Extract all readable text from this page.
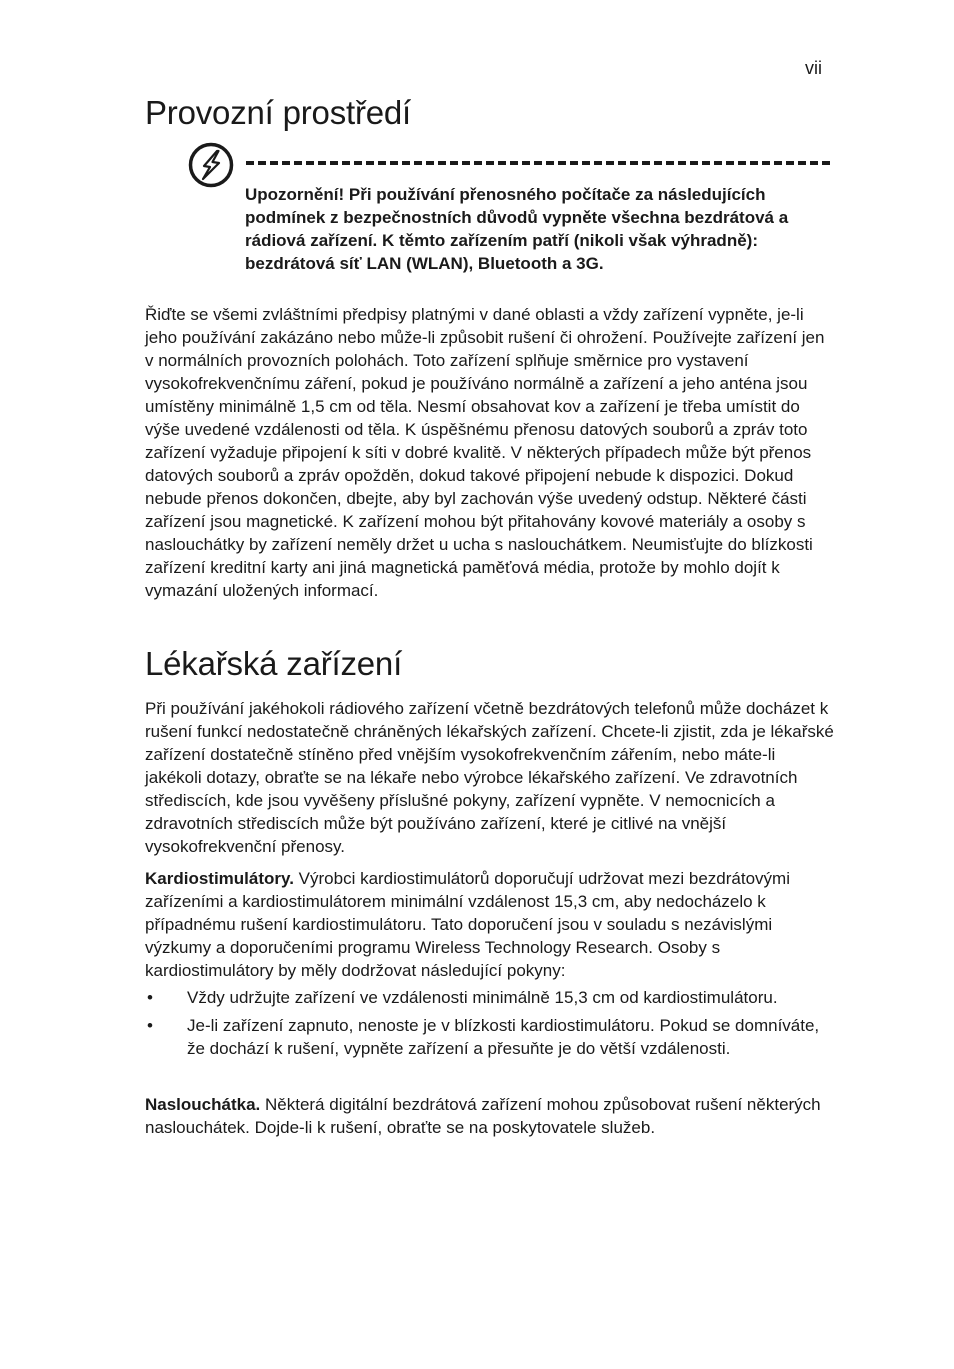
vii
Provozní prostředí

Upozornění! Při používání přenosného počítače za následujících podmínek z bezpečnostních důvodů vypněte všechna bezdrátová a rádiová zařízení. K těmto zařízením patří (nikoli však výhradně): bezdrátová síť LAN (WLAN), Bluetooth a 3G.

Řiďte se všemi zvláštními předpisy platnými v dané oblasti a vždy zařízení vypněte, je-li jeho používání zakázáno nebo může-li způsobit rušení či ohrožení. Používejte zařízení jen v normálních provozních polohách. Toto zařízení splňuje směrnice pro vystavení vysokofrekvenčnímu záření, pokud je používáno normálně a zařízení a jeho anténa jsou umístěny minimálně 1,5 cm od těla. Nesmí obsahovat kov a zařízení je třeba umístit do výše uvedené vzdálenosti od těla. K úspěšnému přenosu datových souborů a zpráv toto zařízení vyžaduje připojení k síti v dobré kvalitě. V některých případech může být přenos datových souborů a zpráv opožděn, dokud takové připojení nebude k dispozici. Dokud nebude přenos dokončen, dbejte, aby byl zachován výše uvedený odstup. Některé části zařízení jsou magnetické. K zařízení mohou být přitahovány kovové materiály a osoby s naslouchátky by zařízení neměly držet u ucha s naslouchátkem. Neumisťujte do blízkosti zařízení kreditní karty ani jiná magnetická paměťová média, protože by mohlo dojít k vymazání uložených informací.

Lékařská zařízení

Při používání jakéhokoli rádiového zařízení včetně bezdrátových telefonů může docházet k rušení funkcí nedostatečně chráněných lékařských zařízení. Chcete-li zjistit, zda je lékařské zařízení dostatečně stíněno před vnějším vysokofrekvenčním zářením, nebo máte-li jakékoli dotazy, obraťte se na lékaře nebo výrobce lékařského zařízení. Ve zdravotních střediscích, kde jsou vyvěšeny příslušné pokyny, zařízení vypněte. V nemocnicích a zdravotních střediscích může být používáno zařízení, které je citlivé na vnější vysokofrekvenční přenosy.

Kardiostimulátory. Výrobci kardiostimulátorů doporučují udržovat mezi bezdrátovými zařízeními a kardiostimulátorem minimální vzdálenost 15,3 cm, aby nedocházelo k případnému rušení kardiostimulátoru. Tato doporučení jsou v souladu s nezávislými výzkumy a doporučeními programu Wireless Technology Research. Osoby s kardiostimulátory by měly dodržovat následující pokyny:

• Vždy udržujte zařízení ve vzdálenosti minimálně 15,3 cm od kardiostimulátoru.
• Je-li zařízení zapnuto, nenoste je v blízkosti kardiostimulátoru. Pokud se domníváte, že dochází k rušení, vypněte zařízení a přesuňte je do větší vzdálenosti.

Naslouchátka. Některá digitální bezdrátová zařízení mohou způsobovat rušení některých naslouchátek. Dojde-li k rušení, obraťte se na poskytovatele služeb.
